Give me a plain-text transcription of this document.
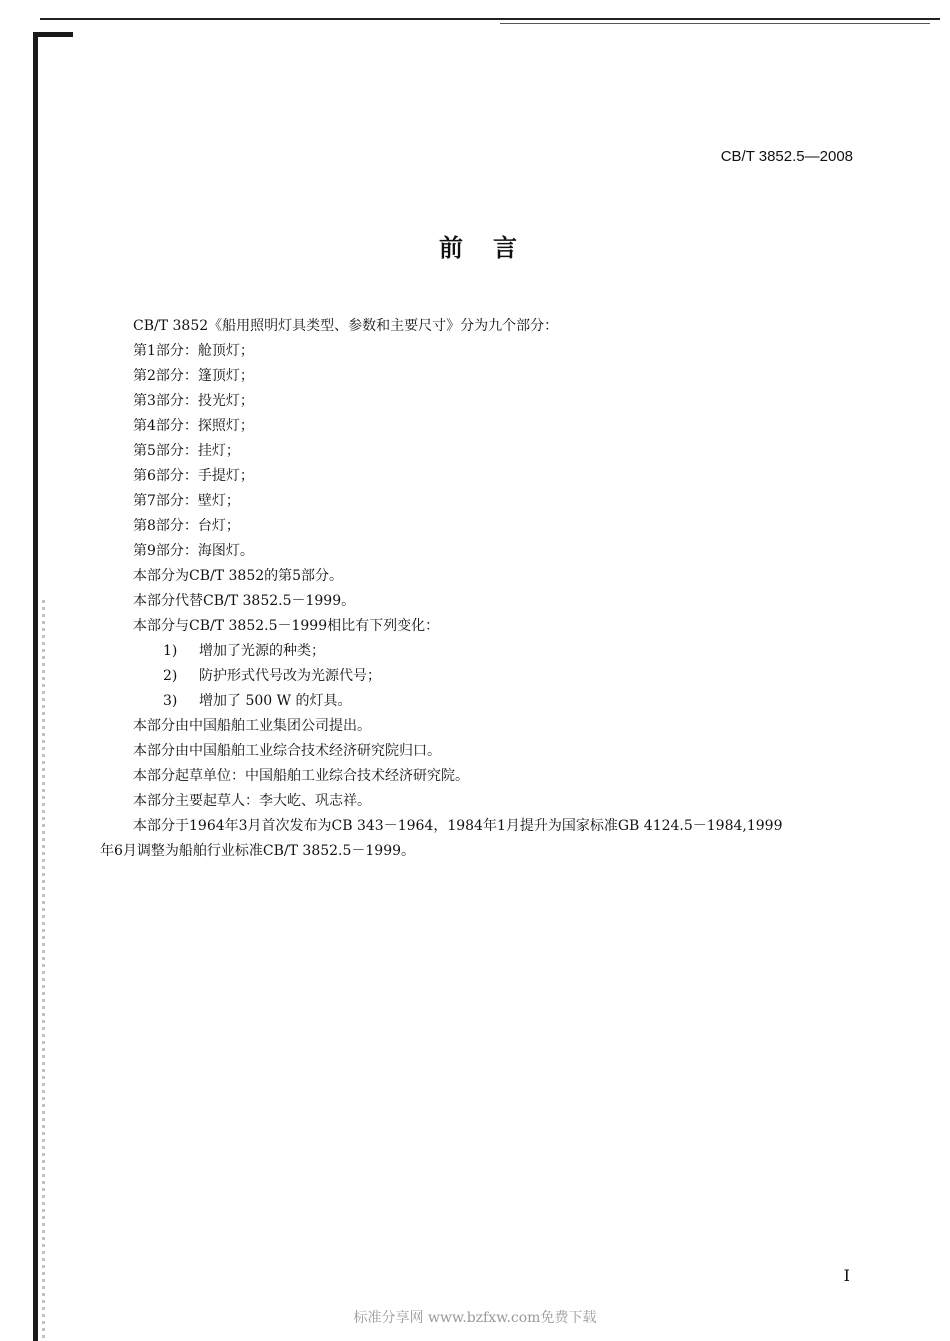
CB/T 3852.5—2008
前言
CB/T 3852《船用照明灯具类型、参数和主要尺寸》分为九个部分：
第1部分：舱顶灯；
第2部分：篷顶灯；
第3部分：投光灯；
第4部分：探照灯；
第5部分：挂灯；
第6部分：手提灯；
第7部分：壁灯；
第8部分：台灯；
第9部分：海图灯。
本部分为CB/T 3852的第5部分。
本部分代替CB/T 3852.5－1999。
本部分与CB/T 3852.5－1999相比有下列变化：
1) 增加了光源的种类；
2) 防护形式代号改为光源代号；
3) 增加了 500 W 的灯具。
本部分由中国船舶工业集团公司提出。
本部分由中国船舶工业综合技术经济研究院归口。
本部分起草单位：中国船舶工业综合技术经济研究院。
本部分主要起草人：李大屹、巩志祥。
本部分于1964年3月首次发布为CB 343－1964，1984年1月提升为国家标准GB 4124.5－1984,1999
年6月调整为船舶行业标准CB/T 3852.5－1999。
I
标准分享网 www.bzfxw.com免费下载
